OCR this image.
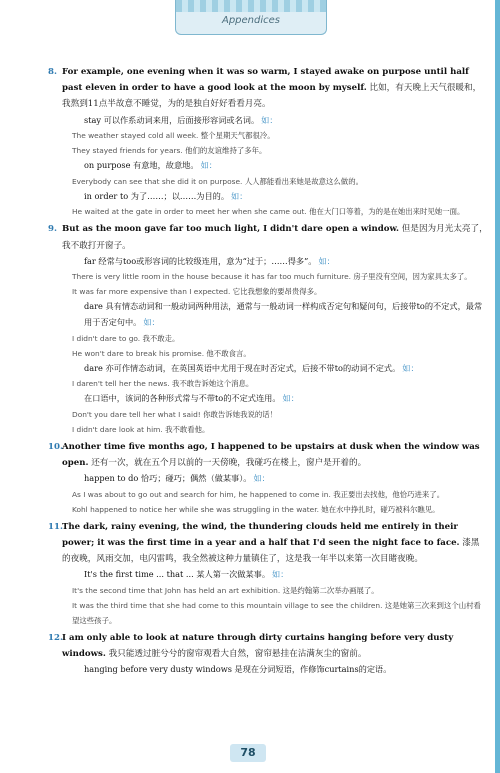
Appendices
8. For example, one evening when it was so warm, I stayed awake on purpose until half past eleven in order to have a good look at the moon by myself. 比如，有天晚上天气很暖和，我熬到11点半故意不睡觉，为的是独自好好看看月亮。
stay 可以作系动词来用，后面接形容词或名词。 如：
The weather stayed cold all week. 整个星期天气都很冷。
They stayed friends for years. 他们的友谊维持了多年。
on purpose 有意地，故意地。 如：
Everybody can see that she did it on purpose. 人人都能看出来她是故意这么做的。
in order to 为了……；以……为目的。 如：
He waited at the gate in order to meet her when she came out. 他在大门口等着，为的是在她出来时见她一面。
9. But as the moon gave far too much light, I didn't dare open a window. 但是因为月光太亮了，我不敢打开窗子。
far 经常与too或形容词的比较级连用，意为“过于；……得多”。 如：
There is very little room in the house because it has far too much furniture. 房子里没有空间，因为家具太多了。
It was far more expensive than I expected. 它比我想象的要昂贵得多。
dare 具有情态动词和一般动词两种用法，通常与一般动词一样构成否定句和疑问句，后接带to的不定式，最常用于否定句中。 如：
I didn't dare to go. 我不敢走。
He won't dare to break his promise. 他不敢食言。
dare 亦可作情态动词，在英国英语中尤用于现在时否定式，后接不带to的动词不定式。 如：
I daren't tell her the news. 我不敢告诉她这个消息。
在口语中，该词的各种形式常与不带to的不定式连用。 如：
Don't you dare tell her what I said! 你敢告诉她我说的话！
I didn't dare look at him. 我不敢看他。
10. Another time five months ago, I happened to be upstairs at dusk when the window was open. 还有一次，就在五个月以前的一天傍晚，我碰巧在楼上，窗户是开着的。
happen to do 恰巧；碰巧；偶然（做某事）。 如：
As I was about to go out and search for him, he happened to come in. 我正要出去找他，他恰巧进来了。
Kohl happened to notice her while she was struggling in the water. 她在水中挣扎时，碰巧被科尔瞧见。
11. The dark, rainy evening, the wind, the thundering clouds held me entirely in their power; it was the first time in a year and a half that I'd seen the night face to face. 漆黑的夜晚，风雨交加，电闪雷鸣，我全然被这种力量镇住了，这是我一年半以来第一次目睹夜晚。
It's the first time ... that ... 某人第一次做某事。 如：
It's the second time that John has held an art exhibition. 这是约翰第二次举办画展了。
It was the third time that she had come to this mountain village to see the children. 这是她第三次来到这个山村看望这些孩子。
12. I am only able to look at nature through dirty curtains hanging before very dusty windows. 我只能透过脏兮兮的窗帘观看大自然，窗帘悬挂在沾满灰尘的窗前。
hanging before very dusty windows 是现在分词短语，作修饰curtains的定语。
78
